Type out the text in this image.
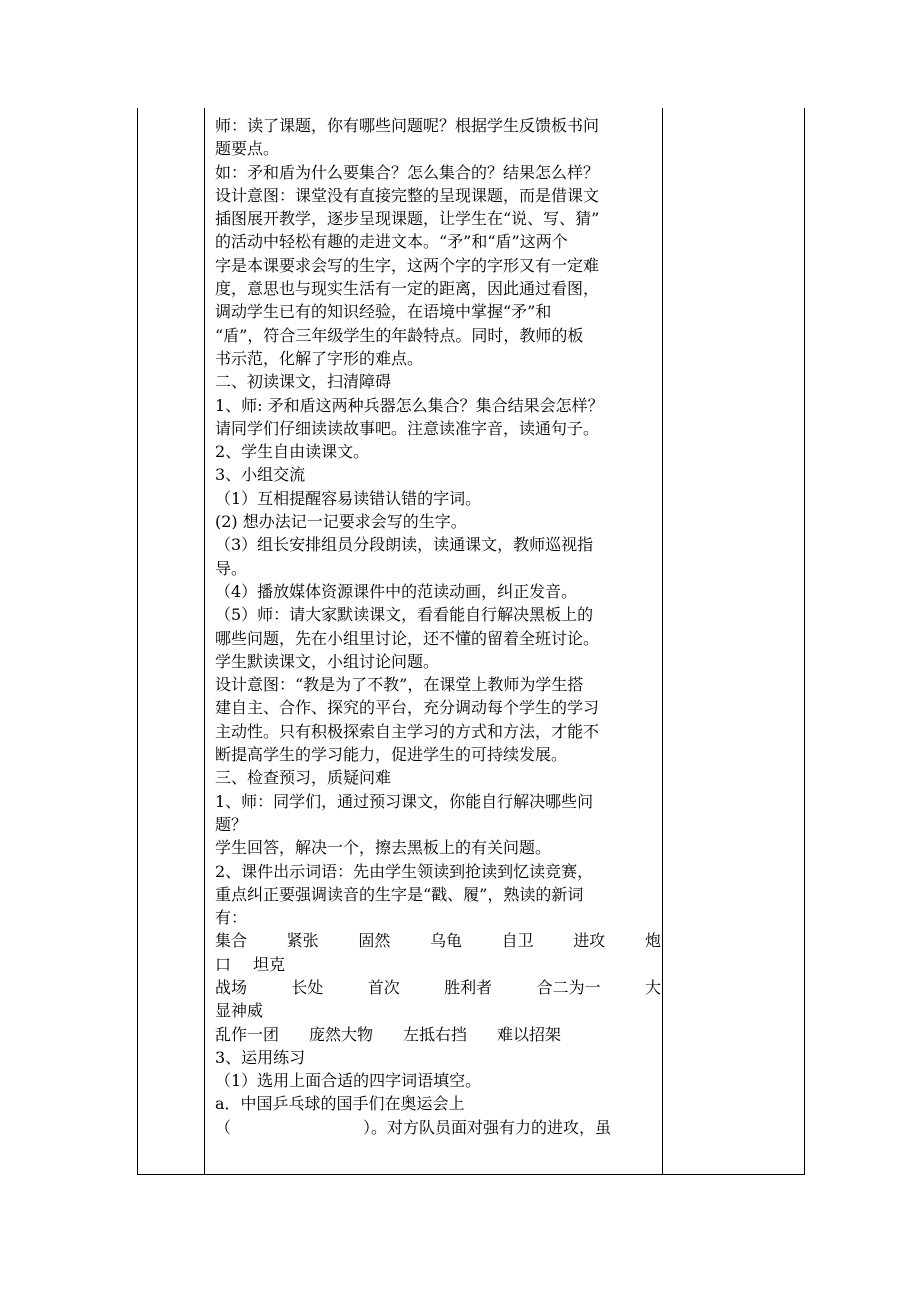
师：读了课题，你有哪些问题呢？根据学生反馈板书问
题要点。
如：矛和盾为什么要集合？怎么集合的？结果怎么样？
设计意图：课堂没有直接完整的呈现课题，而是借课文
插图展开教学，逐步呈现课题，让学生在“说、写、猜”
的活动中轻松有趣的走进文本。“矛”和“盾”这两个
字是本课要求会写的生字，这两个字的字形又有一定难
度，意思也与现实生活有一定的距离，因此通过看图，
调动学生已有的知识经验，在语境中掌握“矛”和
“盾”，符合三年级学生的年龄特点。同时，教师的板
书示范，化解了字形的难点。
二、初读课文，扫清障碍
1、师: 矛和盾这两种兵器怎么集合？集合结果会怎样？
请同学们仔细读读故事吧。注意读准字音，读通句子。
2、学生自由读课文。
3、小组交流
（1）互相提醒容易读错认错的字词。
(2) 想办法记一记要求会写的生字。
（3）组长安排组员分段朗读，读通课文，教师巡视指
导。
（4）播放媒体资源课件中的范读动画，纠正发音。
（5）师：请大家默读课文，看看能自行解决黑板上的
哪些问题，先在小组里讨论，还不懂的留着全班讨论。
学生默读课文，小组讨论问题。
设计意图：“教是为了不教”，在课堂上教师为学生搭
建自主、合作、探究的平台，充分调动每个学生的学习
主动性。只有积极探索自主学习的方式和方法，才能不
断提高学生的学习能力，促进学生的可持续发展。
三、检查预习，质疑问难
1、师：同学们，通过预习课文，你能自行解决哪些问
题？
学生回答，解决一个，擦去黑板上的有关问题。
2、课件出示词语：先由学生领读到抢读到忆读竞赛，
重点纠正要强调读音的生字是“戳、履”，熟读的新词
有：
集合 紧张 固然 乌龟 自卫 进攻 炮
口 坦克
战场	长处	首次	胜利者	合二为一	大
显神威
乱作一团 庞然大物 左抵右挡 难以招架
3、运用练习
（1）选用上面合适的四字词语填空。
a．中国乒乓球的国手们在奥运会上
（	）。对方队员面对强有力的进攻，虽
